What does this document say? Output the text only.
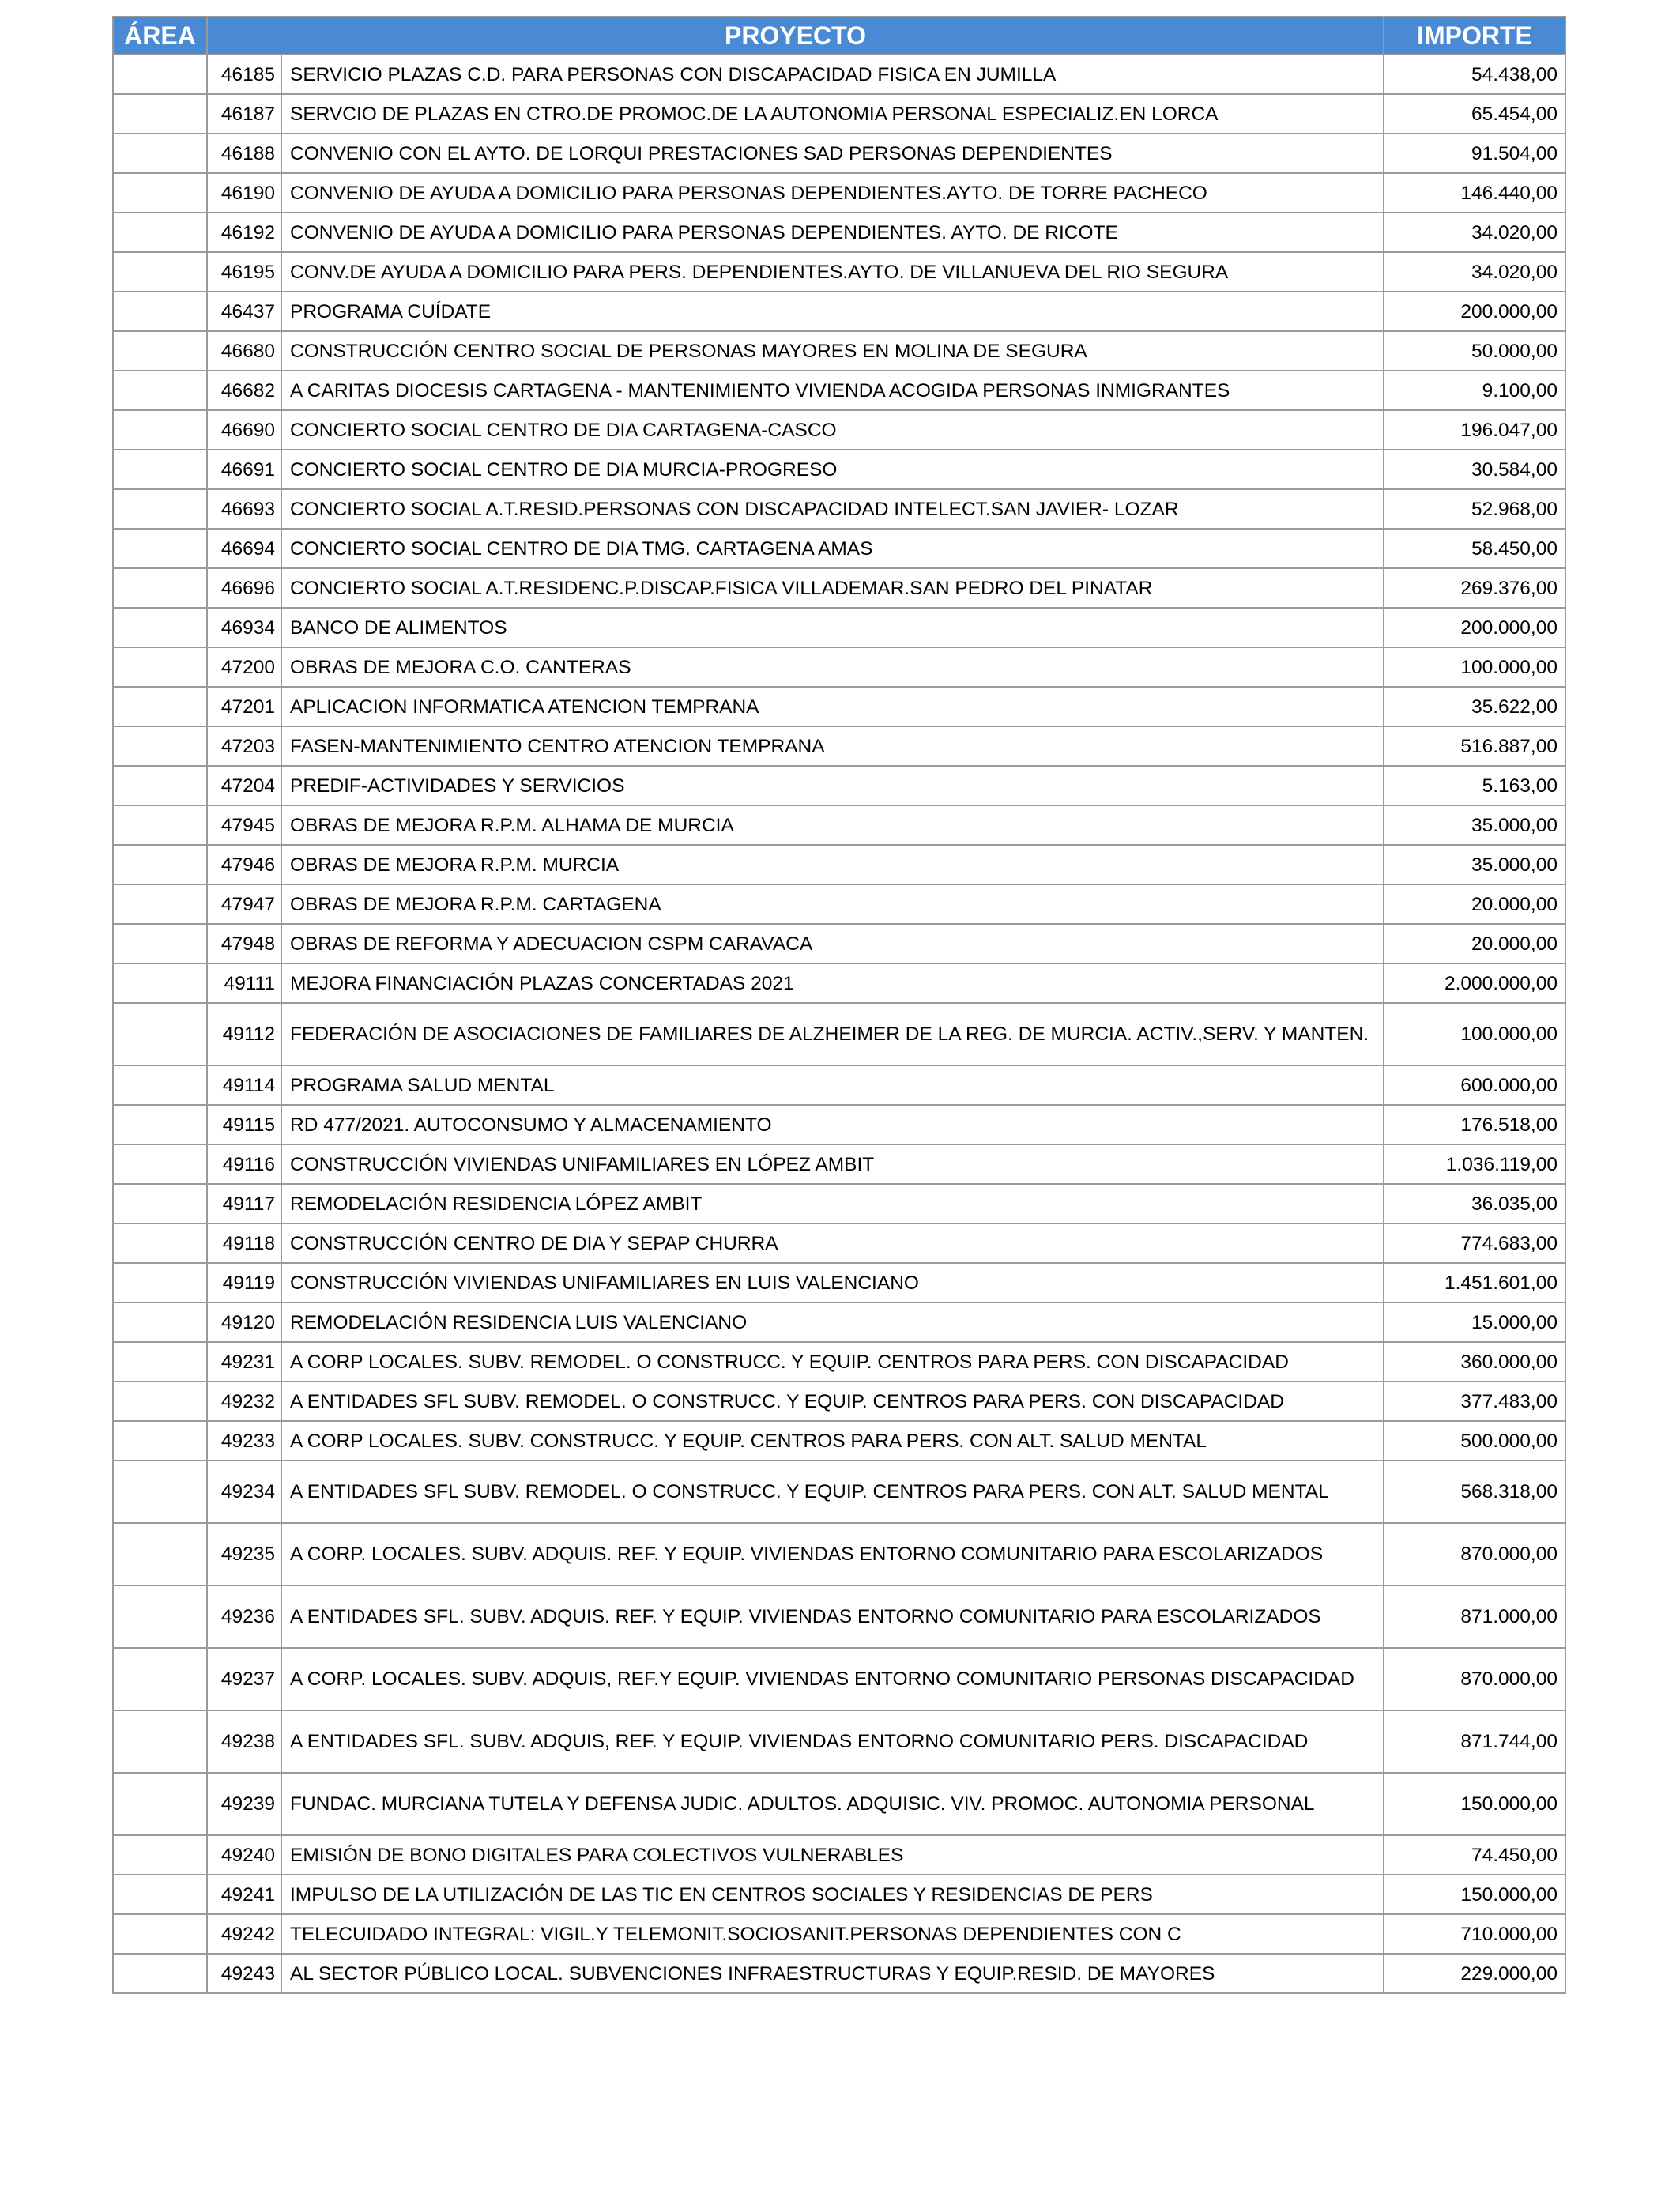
ÁREA	PROYECTO		IMPORTE
	46185	SERVICIO PLAZAS C.D. PARA PERSONAS CON DISCAPACIDAD FISICA EN JUMILLA	54.438,00
	46187	SERVCIO DE PLAZAS EN CTRO.DE PROMOC.DE LA AUTONOMIA PERSONAL ESPECIALIZ.EN LORCA	65.454,00
	46188	CONVENIO CON EL AYTO. DE LORQUI PRESTACIONES SAD PERSONAS DEPENDIENTES	91.504,00
	46190	CONVENIO DE AYUDA A DOMICILIO PARA PERSONAS DEPENDIENTES.AYTO. DE TORRE PACHECO	146.440,00
	46192	CONVENIO DE AYUDA A DOMICILIO PARA PERSONAS DEPENDIENTES. AYTO. DE RICOTE	34.020,00
	46195	CONV.DE AYUDA A DOMICILIO PARA PERS. DEPENDIENTES.AYTO. DE VILLANUEVA DEL RIO SEGURA	34.020,00
	46437	PROGRAMA CUÍDATE	200.000,00
	46680	CONSTRUCCIÓN CENTRO SOCIAL DE PERSONAS MAYORES EN MOLINA DE SEGURA	50.000,00
	46682	A CARITAS DIOCESIS CARTAGENA - MANTENIMIENTO VIVIENDA ACOGIDA PERSONAS INMIGRANTES	9.100,00
	46690	CONCIERTO SOCIAL CENTRO DE DIA CARTAGENA-CASCO	196.047,00
	46691	CONCIERTO SOCIAL CENTRO DE DIA MURCIA-PROGRESO	30.584,00
	46693	CONCIERTO SOCIAL A.T.RESID.PERSONAS CON DISCAPACIDAD INTELECT.SAN JAVIER- LOZAR	52.968,00
	46694	CONCIERTO SOCIAL CENTRO DE DIA TMG. CARTAGENA AMAS	58.450,00
	46696	CONCIERTO SOCIAL A.T.RESIDENC.P.DISCAP.FISICA VILLADEMAR.SAN PEDRO DEL PINATAR	269.376,00
	46934	BANCO DE ALIMENTOS	200.000,00
	47200	OBRAS DE MEJORA C.O. CANTERAS	100.000,00
	47201	APLICACION INFORMATICA ATENCION TEMPRANA	35.622,00
	47203	FASEN-MANTENIMIENTO CENTRO ATENCION TEMPRANA	516.887,00
	47204	PREDIF-ACTIVIDADES Y SERVICIOS	5.163,00
	47945	OBRAS DE MEJORA R.P.M. ALHAMA DE MURCIA	35.000,00
	47946	OBRAS DE MEJORA R.P.M. MURCIA	35.000,00
	47947	OBRAS DE MEJORA R.P.M. CARTAGENA	20.000,00
	47948	OBRAS DE REFORMA Y ADECUACION CSPM CARAVACA	20.000,00
	49111	MEJORA FINANCIACIÓN PLAZAS CONCERTADAS 2021	2.000.000,00
	49112	FEDERACIÓN DE ASOCIACIONES DE FAMILIARES DE ALZHEIMER DE LA REG. DE MURCIA. ACTIV.,SERV. Y MANTEN.	100.000,00
	49114	PROGRAMA SALUD MENTAL	600.000,00
	49115	RD 477/2021. AUTOCONSUMO Y ALMACENAMIENTO	176.518,00
	49116	CONSTRUCCIÓN VIVIENDAS UNIFAMILIARES EN LÓPEZ AMBIT	1.036.119,00
	49117	REMODELACIÓN RESIDENCIA LÓPEZ AMBIT	36.035,00
	49118	CONSTRUCCIÓN CENTRO DE DIA Y SEPAP CHURRA	774.683,00
	49119	CONSTRUCCIÓN VIVIENDAS UNIFAMILIARES EN LUIS VALENCIANO	1.451.601,00
	49120	REMODELACIÓN RESIDENCIA LUIS VALENCIANO	15.000,00
	49231	A CORP LOCALES. SUBV. REMODEL. O CONSTRUCC. Y EQUIP. CENTROS PARA PERS. CON DISCAPACIDAD	360.000,00
	49232	A ENTIDADES SFL SUBV. REMODEL. O CONSTRUCC. Y EQUIP. CENTROS PARA PERS. CON DISCAPACIDAD	377.483,00
	49233	A CORP LOCALES. SUBV. CONSTRUCC. Y EQUIP. CENTROS PARA PERS. CON ALT. SALUD MENTAL	500.000,00
	49234	A ENTIDADES SFL SUBV. REMODEL. O CONSTRUCC. Y EQUIP. CENTROS PARA PERS. CON ALT. SALUD MENTAL	568.318,00
	49235	A CORP. LOCALES. SUBV. ADQUIS. REF. Y EQUIP. VIVIENDAS ENTORNO COMUNITARIO PARA ESCOLARIZADOS	870.000,00
	49236	A ENTIDADES SFL. SUBV. ADQUIS. REF. Y EQUIP. VIVIENDAS ENTORNO COMUNITARIO PARA ESCOLARIZADOS	871.000,00
	49237	A CORP. LOCALES. SUBV. ADQUIS, REF.Y EQUIP. VIVIENDAS ENTORNO COMUNITARIO PERSONAS DISCAPACIDAD	870.000,00
	49238	A ENTIDADES SFL. SUBV. ADQUIS, REF. Y EQUIP. VIVIENDAS ENTORNO COMUNITARIO PERS. DISCAPACIDAD	871.744,00
	49239	FUNDAC. MURCIANA TUTELA Y DEFENSA JUDIC. ADULTOS. ADQUISIC. VIV. PROMOC. AUTONOMIA PERSONAL	150.000,00
	49240	EMISIÓN DE BONO DIGITALES PARA COLECTIVOS VULNERABLES	74.450,00
	49241	IMPULSO DE LA UTILIZACIÓN DE LAS TIC EN CENTROS SOCIALES Y RESIDENCIAS DE PERS	150.000,00
	49242	TELECUIDADO INTEGRAL: VIGIL.Y TELEMONIT.SOCIOSANIT.PERSONAS DEPENDIENTES CON C	710.000,00
	49243	AL SECTOR PÚBLICO LOCAL. SUBVENCIONES INFRAESTRUCTURAS Y EQUIP.RESID. DE MAYORES	229.000,00
